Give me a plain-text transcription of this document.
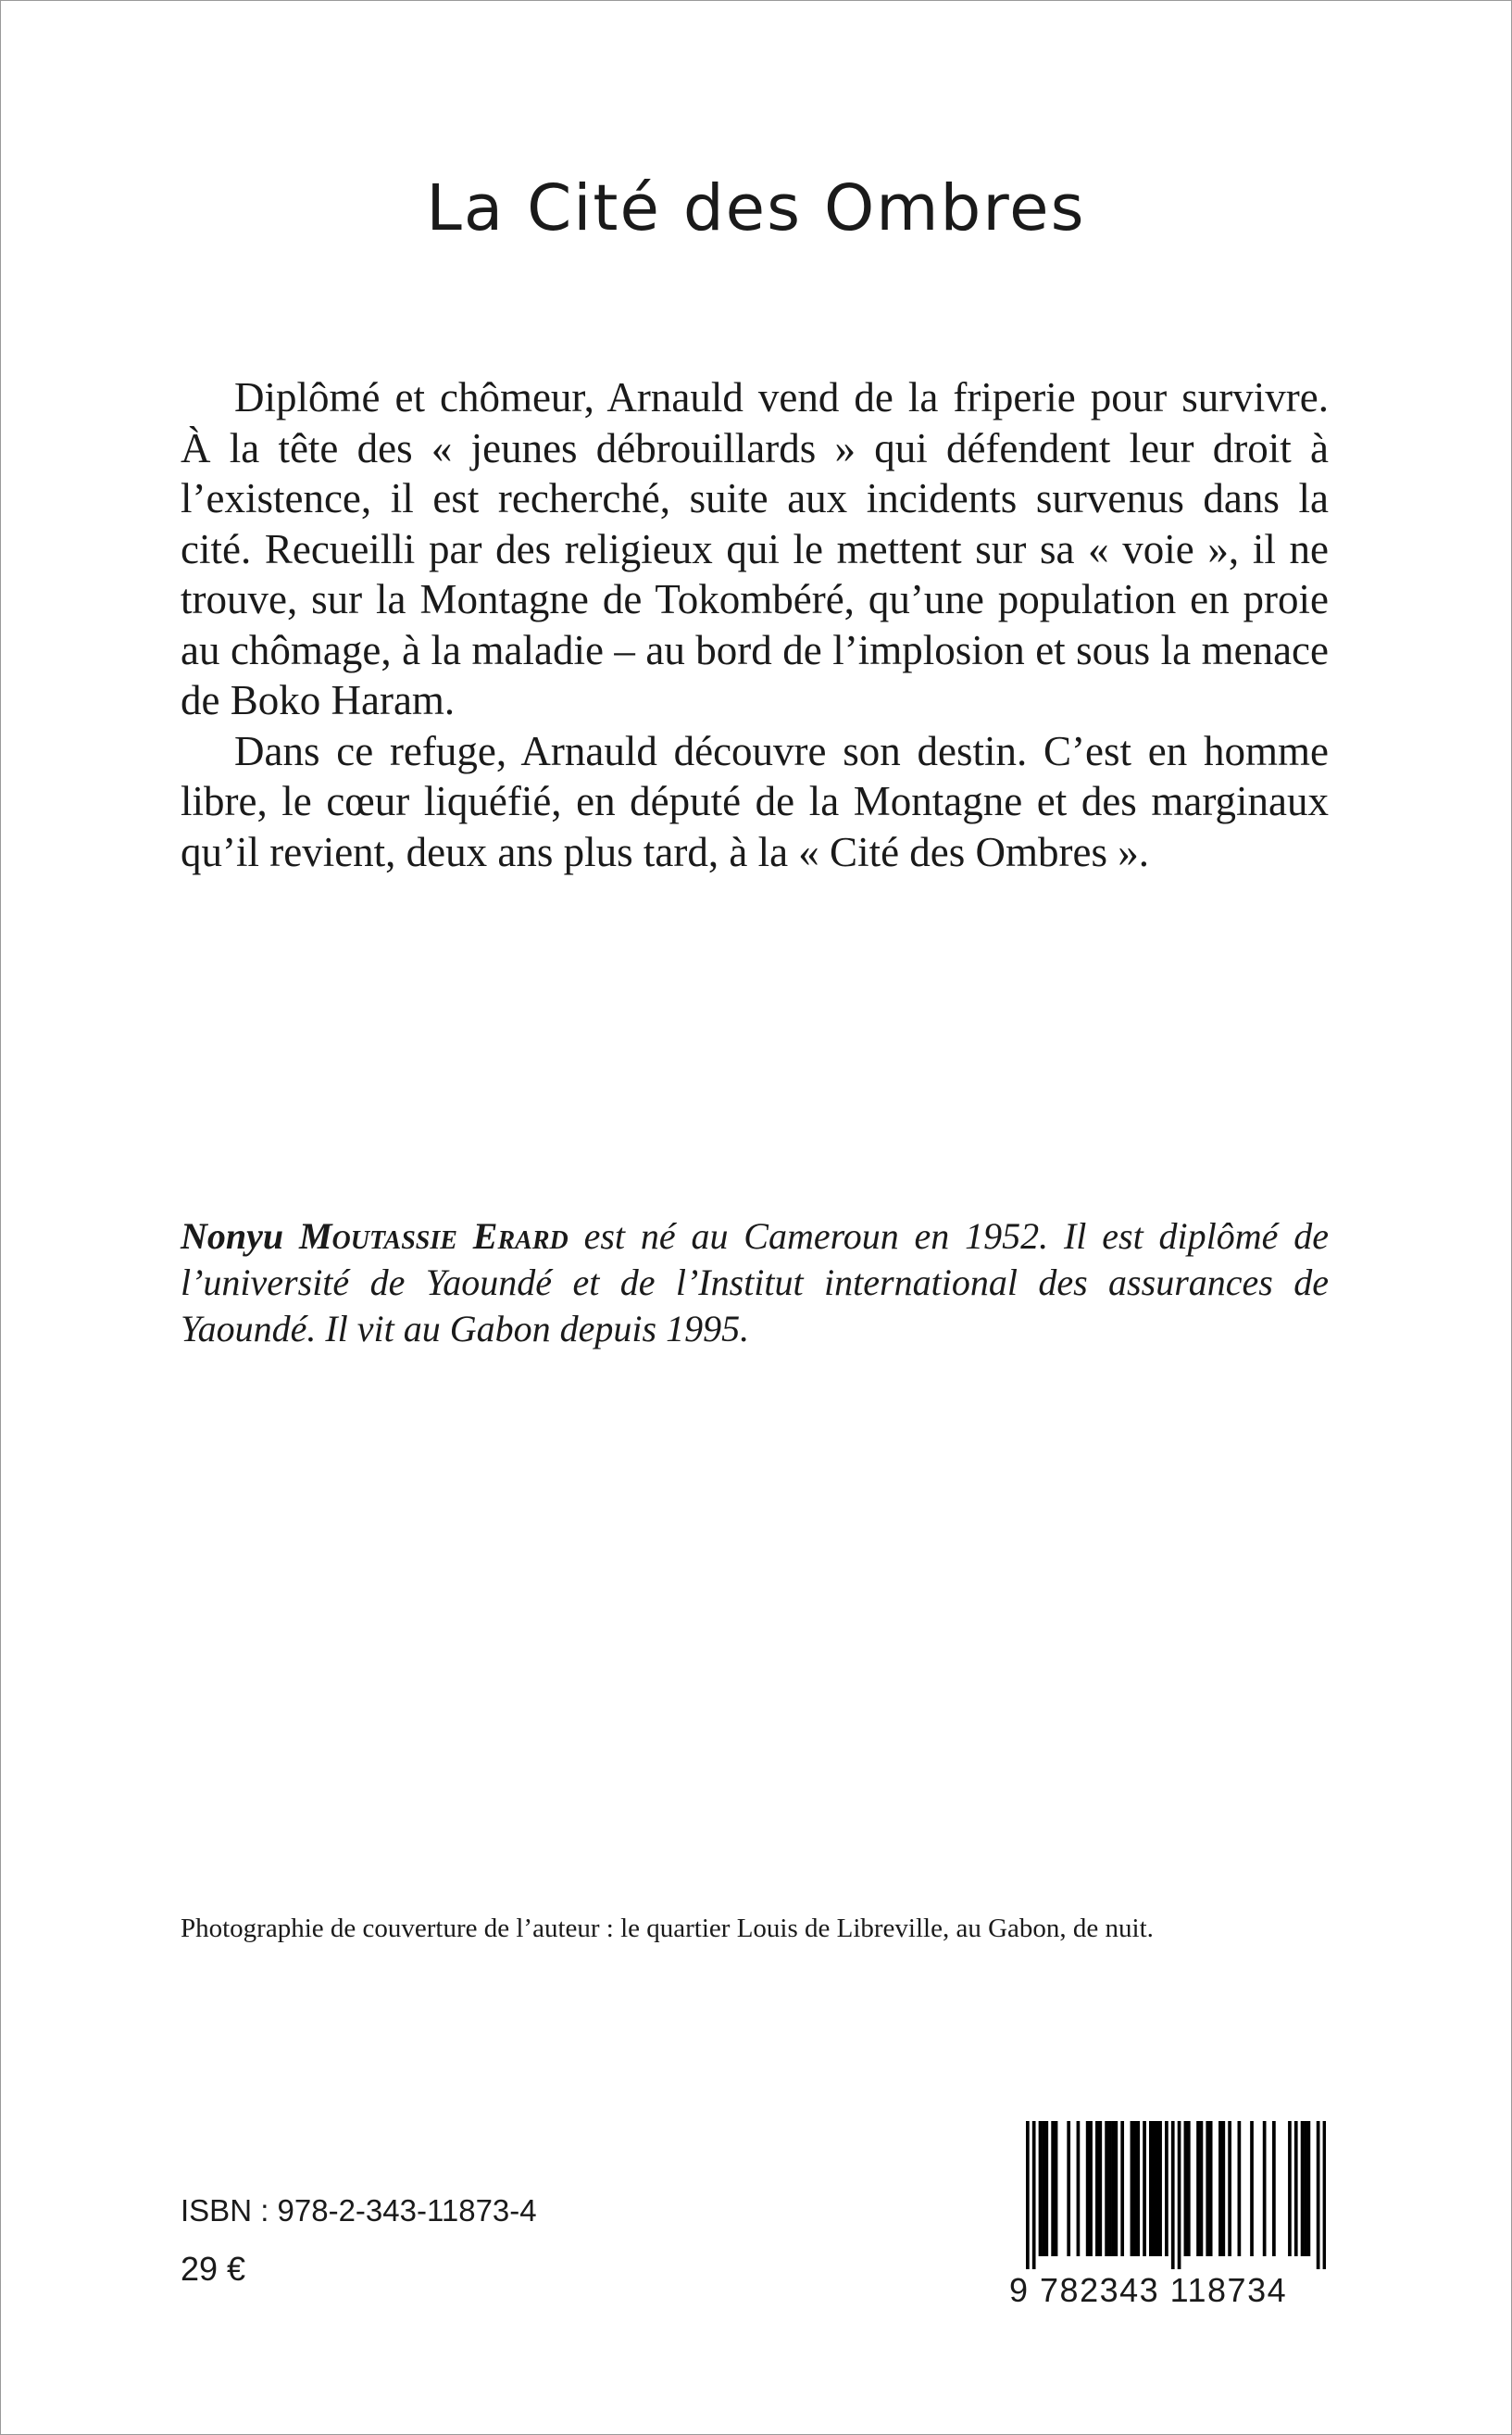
La Cité des Ombres

Diplômé et chômeur, Arnauld vend de la friperie pour survivre. À la tête des « jeunes débrouillards » qui défendent leur droit à l’existence, il est recherché, suite aux incidents survenus dans la cité. Recueilli par des religieux qui le mettent sur sa « voie », il ne trouve, sur la Montagne de Tokombéré, qu’une population en proie au chômage, à la maladie – au bord de l’implosion et sous la menace de Boko Haram.

Dans ce refuge, Arnauld découvre son destin. C’est en homme libre, le cœur liquéfié, en député de la Montagne et des marginaux qu’il revient, deux ans plus tard, à la « Cité des Ombres ».

Nonyu Moutassie Erard est né au Cameroun en 1952. Il est diplômé de l’université de Yaoundé et de l’Institut international des assurances de Yaoundé. Il vit au Gabon depuis 1995.
Photographie de couverture de l’auteur : le quartier Louis de Libreville, au Gabon, de nuit.
ISBN : 978-2-343-11873-4
29 €
9 782343 118734
